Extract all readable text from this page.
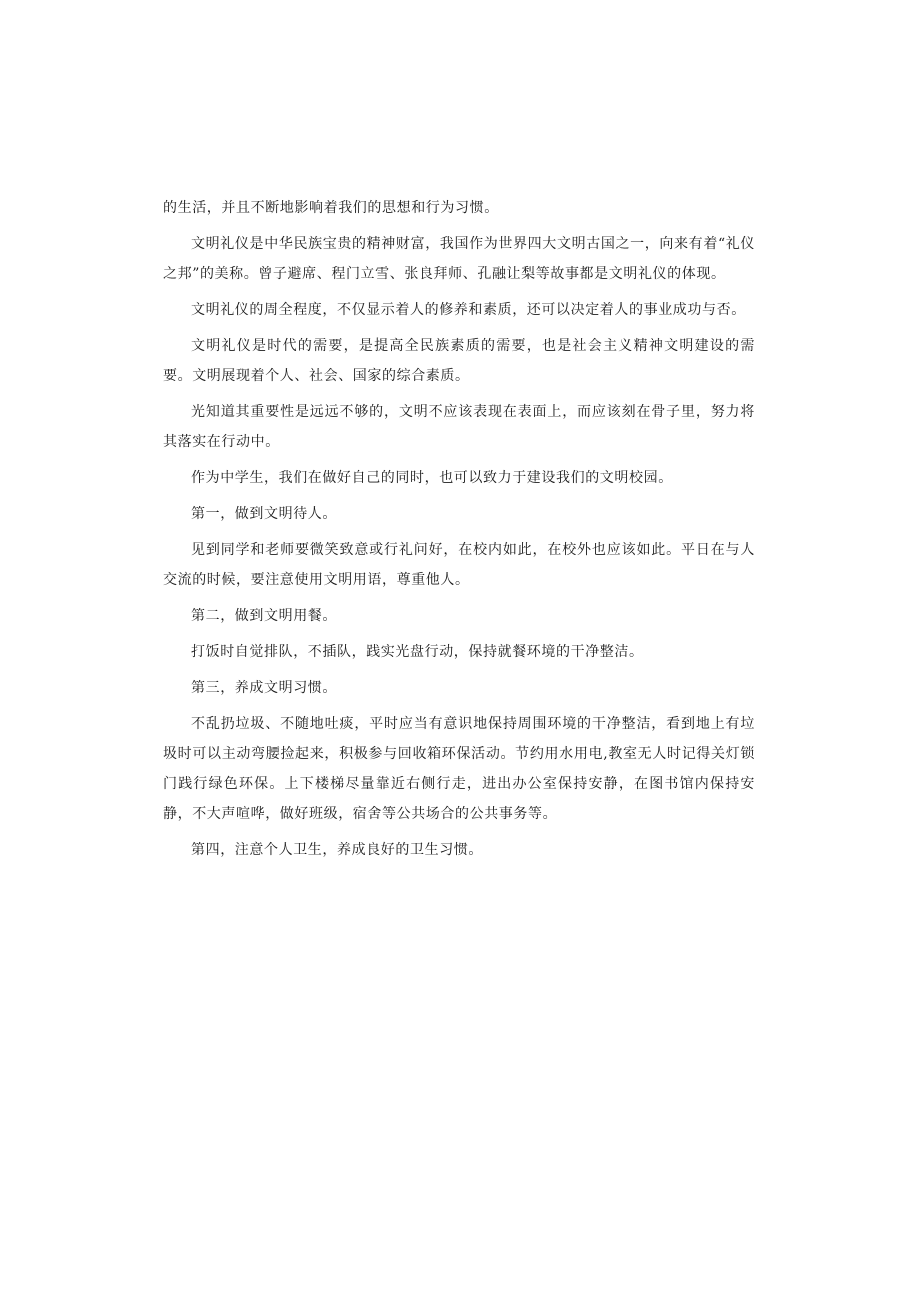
的生活，并且不断地影响着我们的思想和行为习惯。

文明礼仪是中华民族宝贵的精神财富，我国作为世界四大文明古国之一，向来有着“礼仪之邦”的美称。曾子避席、程门立雪、张良拜师、孔融让梨等故事都是文明礼仪的体现。

文明礼仪的周全程度，不仅显示着人的修养和素质，还可以决定着人的事业成功与否。

文明礼仪是时代的需要，是提高全民族素质的需要，也是社会主义精神文明建设的需要。文明展现着个人、社会、国家的综合素质。

光知道其重要性是远远不够的，文明不应该表现在表面上，而应该刻在骨子里，努力将其落实在行动中。

作为中学生，我们在做好自己的同时，也可以致力于建设我们的文明校园。

第一，做到文明待人。

见到同学和老师要微笑致意或行礼问好，在校内如此，在校外也应该如此。平日在与人交流的时候，要注意使用文明用语，尊重他人。

第二，做到文明用餐。

打饭时自觉排队，不插队，践实光盘行动，保持就餐环境的干净整洁。

第三，养成文明习惯。

不乱扔垃圾、不随地吐痰，平时应当有意识地保持周围环境的干净整洁，看到地上有垃圾时可以主动弯腰捡起来，积极参与回收箱环保活动。节约用水用电,教室无人时记得关灯锁门践行绿色环保。上下楼梯尽量靠近右侧行走，进出办公室保持安静，在图书馆内保持安静，不大声喧哗，做好班级，宿舍等公共场合的公共事务等。

第四，注意个人卫生，养成良好的卫生习惯。
